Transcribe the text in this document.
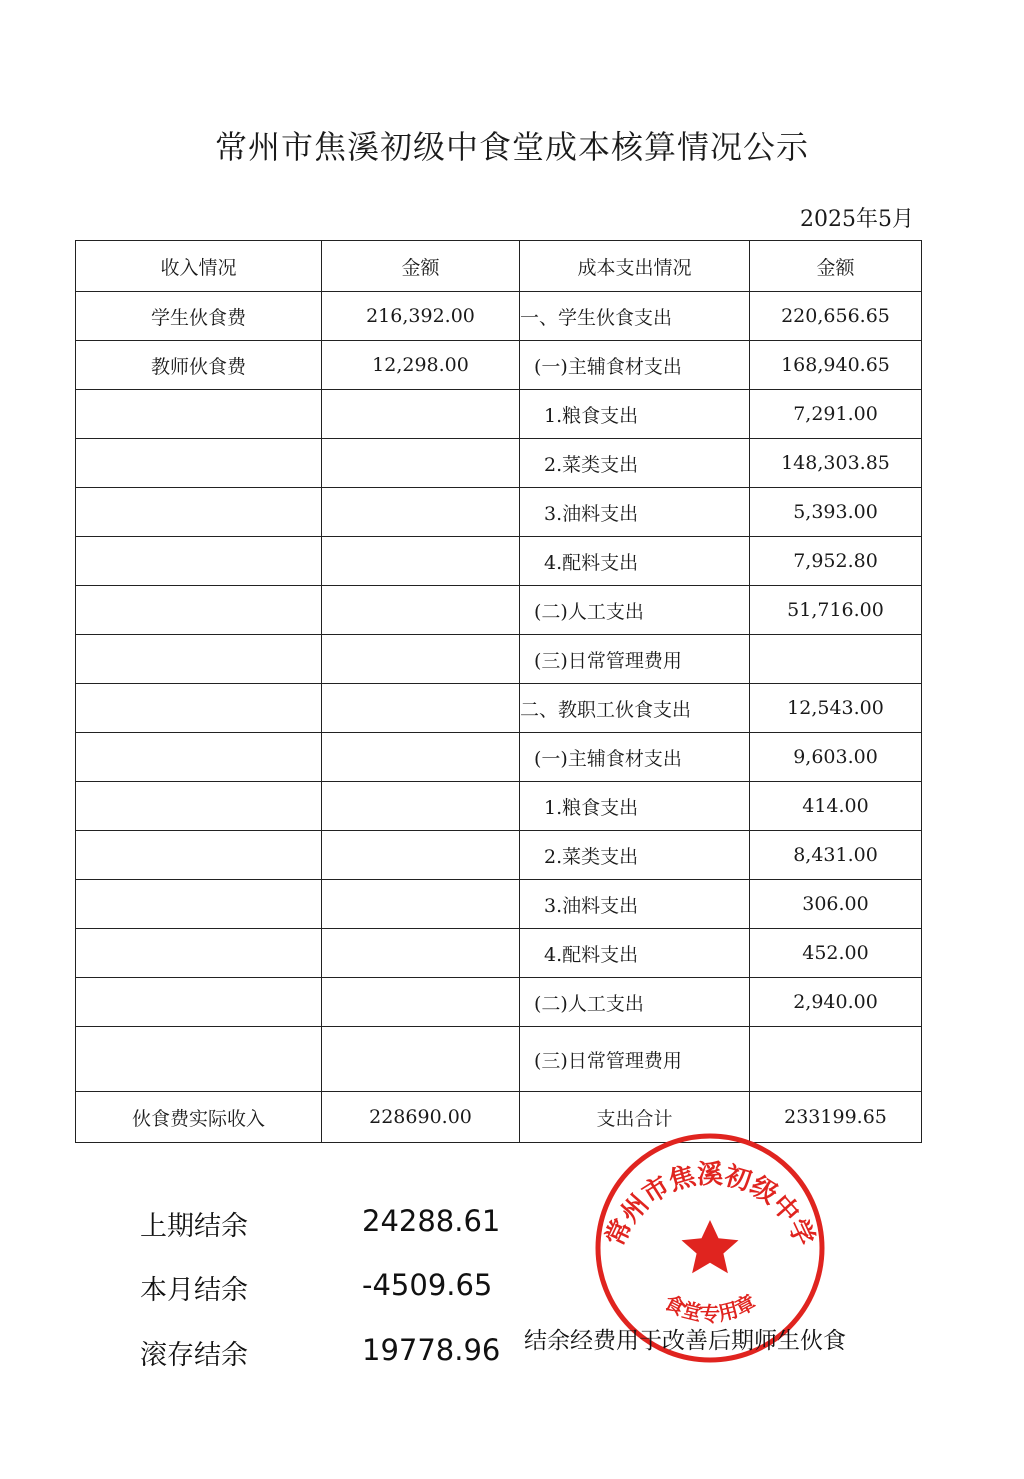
常州市焦溪初级中食堂成本核算情况公示
2025年5月
收入情况	金额	成本支出情况	金额
学生伙食费	216,392.00	一、学生伙食支出	220,656.65
教师伙食费	12,298.00	(一)主辅食材支出	168,940.65
		1.粮食支出	7,291.00
		2.菜类支出	148,303.85
		3.油料支出	5,393.00
		4.配料支出	7,952.80
		(二)人工支出	51,716.00
		(三)日常管理费用	
		二、教职工伙食支出	12,543.00
		(一)主辅食材支出	9,603.00
		1.粮食支出	414.00
		2.菜类支出	8,431.00
		3.油料支出	306.00
		4.配料支出	452.00
		(二)人工支出	2,940.00
		(三)日常管理费用	
伙食费实际收入	228690.00	支出合计	233199.65
上期结余	24288.61
本月结余	-4509.65
滚存结余	19778.96
常州市焦溪初级中学
食堂专用章
结余经费用于改善后期师生伙食
